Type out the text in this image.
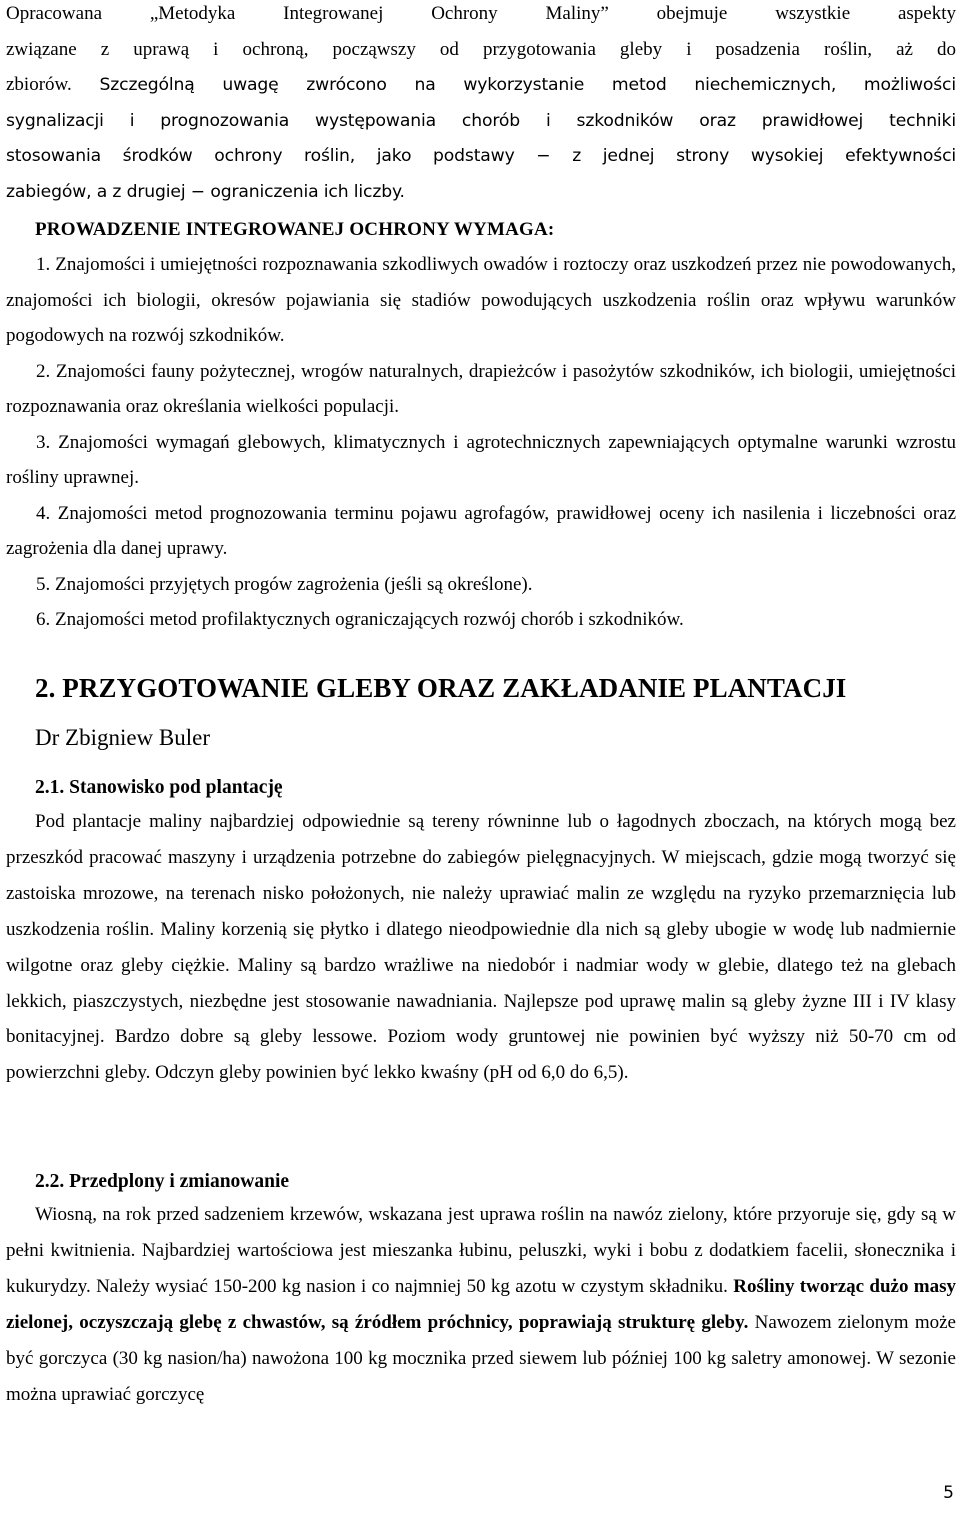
Opracowana „Metodyka Integrowanej Ochrony Maliny” obejmuje wszystkie aspekty
związane z uprawą i ochroną, począwszy od przygotowania gleby i posadzenia roślin, aż do
zbiorów. Szczególną uwagę zwrócono na wykorzystanie metod niechemicznych, możliwości
sygnalizacji i prognozowania występowania chorób i szkodników oraz prawidłowej techniki
stosowania środków ochrony roślin, jako podstawy − z jednej strony wysokiej efektywności
zabiegów, a z drugiej − ograniczenia ich liczby.
PROWADZENIE INTEGROWANEJ OCHRONY WYMAGA:
1. Znajomości i umiejętności rozpoznawania szkodliwych owadów i roztoczy oraz uszkodzeń przez nie powodowanych, znajomości ich biologii, okresów pojawiania się stadiów powodujących uszkodzenia roślin oraz wpływu warunków pogodowych na rozwój szkodników.
2. Znajomości fauny pożytecznej, wrogów naturalnych, drapieżców i pasożytów szkodników, ich biologii, umiejętności rozpoznawania oraz określania wielkości populacji.
3. Znajomości wymagań glebowych, klimatycznych i agrotechnicznych zapewniających optymalne warunki wzrostu rośliny uprawnej.
4. Znajomości metod prognozowania terminu pojawu agrofagów, prawidłowej oceny ich nasilenia i liczebności oraz zagrożenia dla danej uprawy.
5. Znajomości przyjętych progów zagrożenia (jeśli są określone).
6. Znajomości metod profilaktycznych ograniczających rozwój chorób i szkodników.
2. PRZYGOTOWANIE GLEBY ORAZ ZAKŁADANIE PLANTACJI
Dr Zbigniew Buler
2.1. Stanowisko pod plantację

Pod plantacje maliny najbardziej odpowiednie są tereny równinne lub o łagodnych zboczach, na których mogą bez przeszkód pracować maszyny i urządzenia potrzebne do zabiegów pielęgnacyjnych. W miejscach, gdzie mogą tworzyć się zastoiska mrozowe, na terenach nisko położonych, nie należy uprawiać malin ze względu na ryzyko przemarznięcia lub uszkodzenia roślin. Maliny korzenią się płytko i dlatego nieodpowiednie dla nich są gleby ubogie w wodę lub nadmiernie wilgotne oraz gleby ciężkie. Maliny są bardzo wrażliwe na niedobór i nadmiar wody w glebie, dlatego też na glebach lekkich, piaszczystych, niezbędne jest stosowanie nawadniania. Najlepsze pod uprawę malin są gleby żyzne III i IV klasy bonitacyjnej. Bardzo dobre są gleby lessowe. Poziom wody gruntowej nie powinien być wyższy niż 50-70 cm od powierzchni gleby. Odczyn gleby powinien być lekko kwaśny (pH od 6,0 do 6,5).

2.2. Przedplony i zmianowanie

Wiosną, na rok przed sadzeniem krzewów, wskazana jest uprawa roślin na nawóz zielony, które przyoruje się, gdy są w pełni kwitnienia. Najbardziej wartościowa jest mieszanka łubinu, peluszki, wyki i bobu z dodatkiem facelii, słonecznika i kukurydzy. Należy wysiać 150-200 kg nasion i co najmniej 50 kg azotu w czystym składniku. Rośliny tworząc dużo masy zielonej, oczyszczają glebę z chwastów, są źródłem próchnicy, poprawiają strukturę gleby. Nawozem zielonym może być gorczyca (30 kg nasion/ha) nawożona 100 kg mocznika przed siewem lub później 100 kg saletry amonowej. W sezonie można uprawiać gorczycę

5
